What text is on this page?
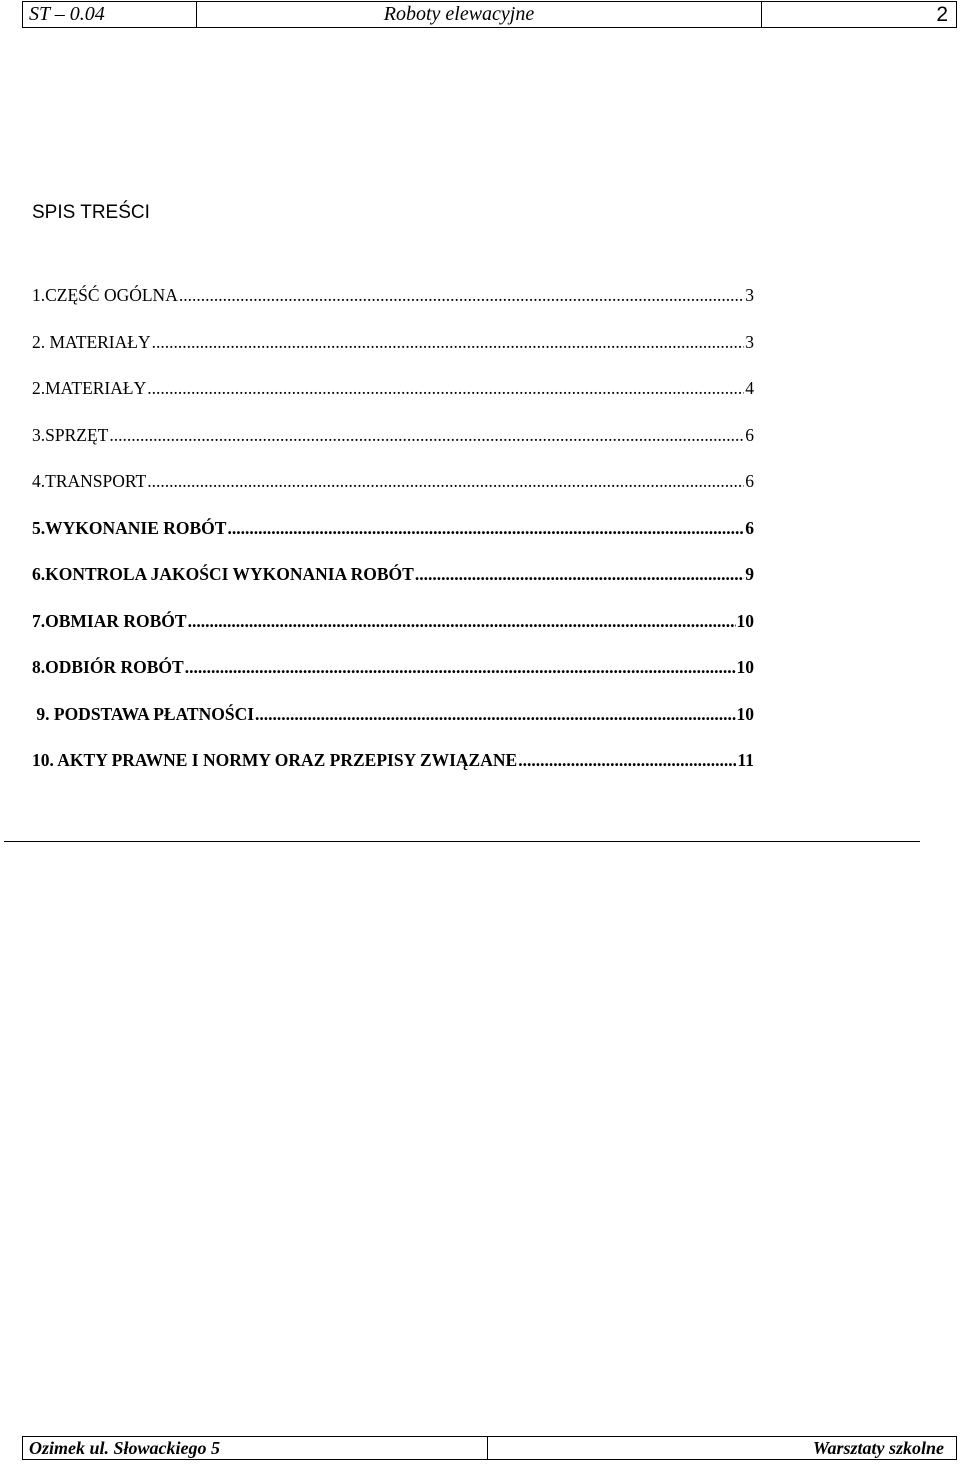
ST – 0.04	Roboty elewacyjne	2
SPIS TREŚCI
1.CZĘŚĆ OGÓLNA .....	3
2. MATERIAŁY .....	3
2.MATERIAŁY .....	4
3.SPRZĘT .....	6
4.TRANSPORT .....	6
5.WYKONANIE ROBÓT .....	6
6.KONTROLA JAKOŚCI WYKONANIA ROBÓT .....	9
7.OBMIAR ROBÓT .....	10
8.ODBIÓR ROBÓT .....	10
9. PODSTAWA PŁATNOŚCI .....	10
10. AKTY PRAWNE I NORMY ORAZ PRZEPISY ZWIĄZANE .....	11
Ozimek ul. Słowackiego 5	Warsztaty szkolne
